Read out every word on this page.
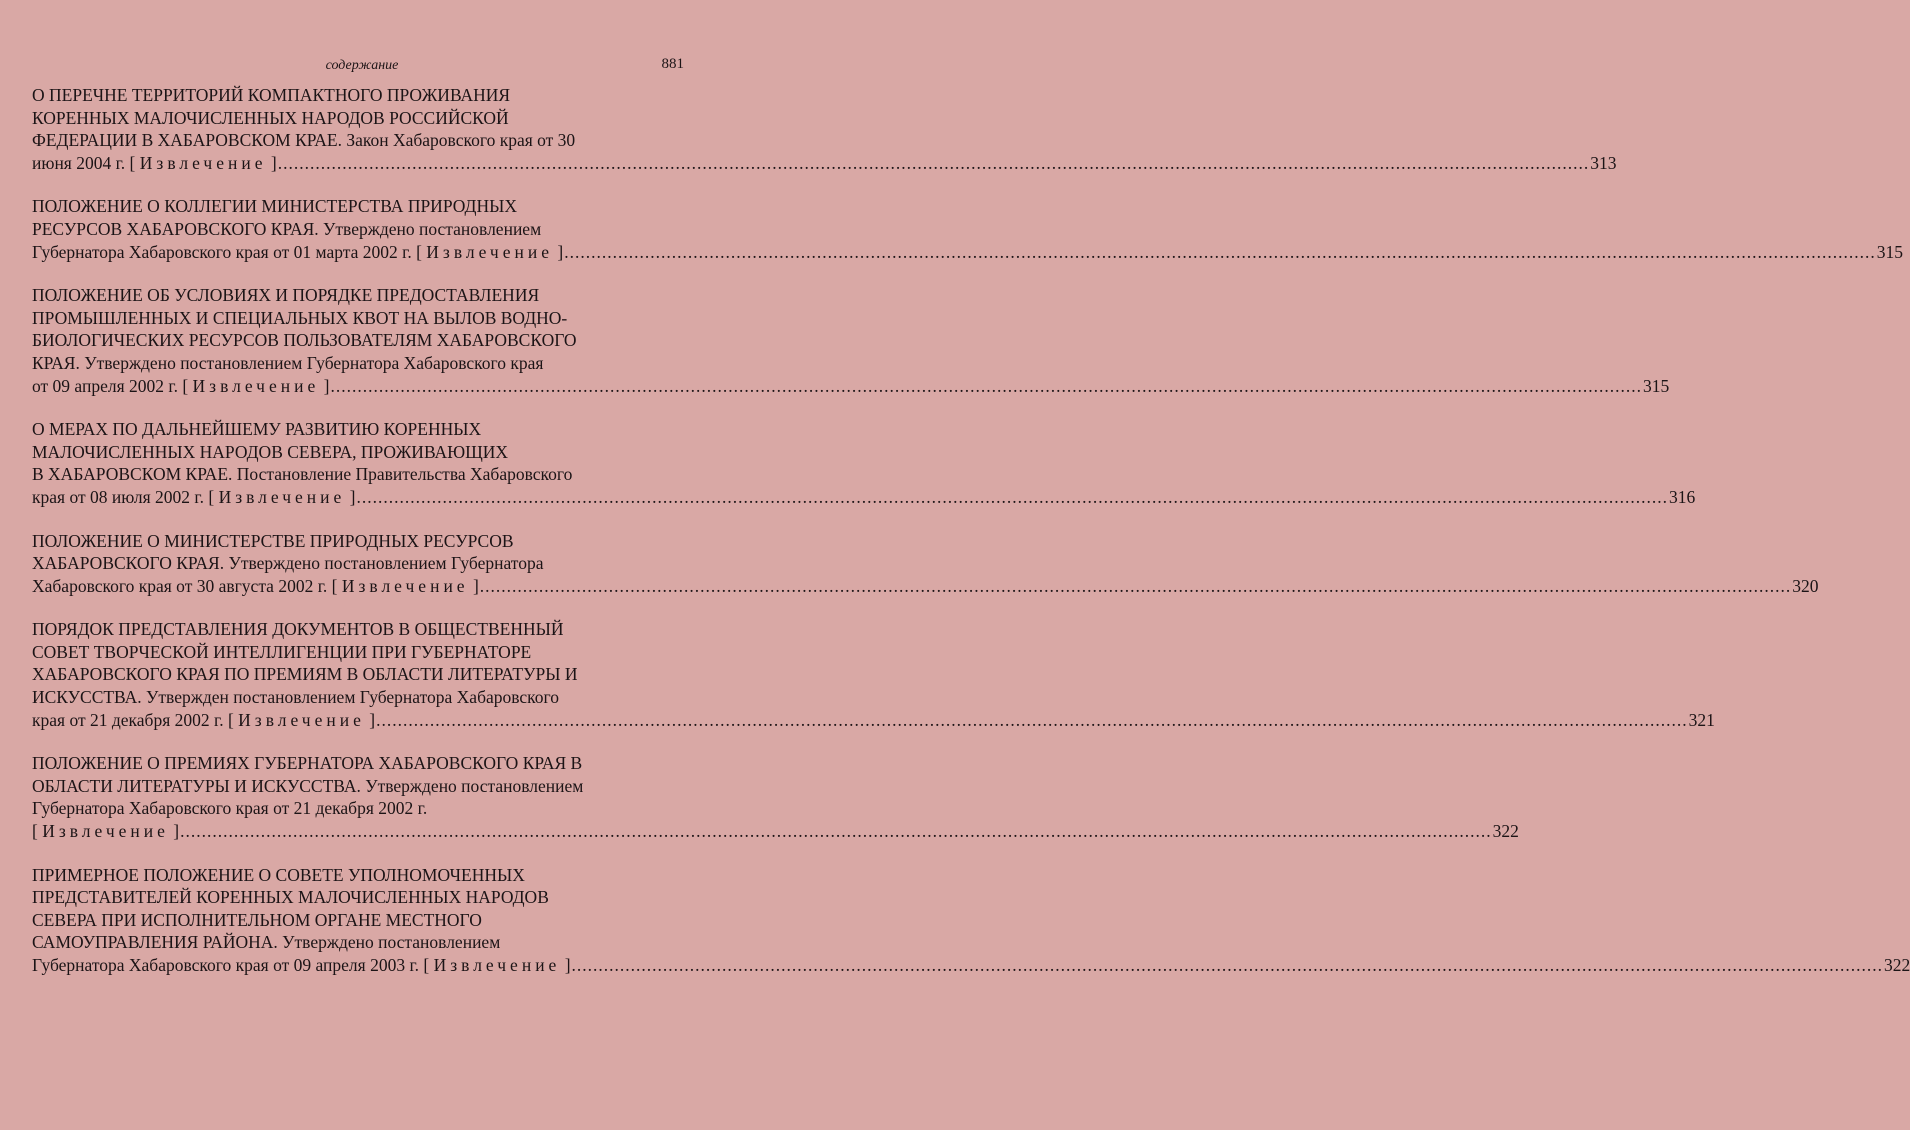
содержание	881
О ПЕРЕЧНЕ ТЕРРИТОРИЙ КОМПАКТНОГО ПРОЖИВАНИЯ
КОРЕННЫХ МАЛОЧИСЛЕННЫХ НАРОДОВ РОССИЙСКОЙ
ФЕДЕРАЦИИ В ХАБАРОВСКОМ КРАЕ. Закон Хабаровского края от 30
июня 2004 г. [ Извлечение ] .....	313
ПОЛОЖЕНИЕ О КОЛЛЕГИИ МИНИСТЕРСТВА ПРИРОДНЫХ
РЕСУРСОВ ХАБАРОВСКОГО КРАЯ. Утверждено постановлением
Губернатора Хабаровского края от 01 марта 2002 г. [ Извлечение ] .....	315
ПОЛОЖЕНИЕ ОБ УСЛОВИЯХ И ПОРЯДКЕ ПРЕДОСТАВЛЕНИЯ
ПРОМЫШЛЕННЫХ И СПЕЦИАЛЬНЫХ КВОТ НА ВЫЛОВ ВОДНО-
БИОЛОГИЧЕСКИХ РЕСУРСОВ ПОЛЬЗОВАТЕЛЯМ ХАБАРОВСКОГО
КРАЯ. Утверждено постановлением Губернатора Хабаровского края
от 09 апреля 2002 г. [ Извлечение ] .....	315
О МЕРАХ ПО ДАЛЬНЕЙШЕМУ РАЗВИТИЮ КОРЕННЫХ
МАЛОЧИСЛЕННЫХ НАРОДОВ СЕВЕРА, ПРОЖИВАЮЩИХ
В ХАБАРОВСКОМ КРАЕ. Постановление Правительства Хабаровского
края от 08 июля 2002 г. [ Извлечение ] .....	316
ПОЛОЖЕНИЕ О МИНИСТЕРСТВЕ ПРИРОДНЫХ РЕСУРСОВ
ХАБАРОВСКОГО КРАЯ. Утверждено постановлением Губернатора
Хабаровского края от 30 августа 2002 г. [ Извлечение ] .....	320
ПОРЯДОК ПРЕДСТАВЛЕНИЯ ДОКУМЕНТОВ В ОБЩЕСТВЕННЫЙ
СОВЕТ ТВОРЧЕСКОЙ ИНТЕЛЛИГЕНЦИИ ПРИ ГУБЕРНАТОРЕ
ХАБАРОВСКОГО КРАЯ ПО ПРЕМИЯМ В ОБЛАСТИ ЛИТЕРАТУРЫ И
ИСКУССТВА. Утвержден постановлением Губернатора Хабаровского
края от 21 декабря 2002 г. [ Извлечение ] .....	321
ПОЛОЖЕНИЕ О ПРЕМИЯХ ГУБЕРНАТОРА ХАБАРОВСКОГО КРАЯ В
ОБЛАСТИ ЛИТЕРАТУРЫ И ИСКУССТВА. Утверждено постановлением
Губернатора Хабаровского края от 21 декабря 2002 г.
[ Извлечение ] .....	322
ПРИМЕРНОЕ ПОЛОЖЕНИЕ О СОВЕТЕ УПОЛНОМОЧЕННЫХ
ПРЕДСТАВИТЕЛЕЙ КОРЕННЫХ МАЛОЧИСЛЕННЫХ НАРОДОВ
СЕВЕРА ПРИ ИСПОЛНИТЕЛЬНОМ ОРГАНЕ МЕСТНОГО
САМОУПРАВЛЕНИЯ РАЙОНА. Утверждено постановлением
Губернатора Хабаровского края от 09 апреля 2003 г. [ Извлечение ] .....	322
